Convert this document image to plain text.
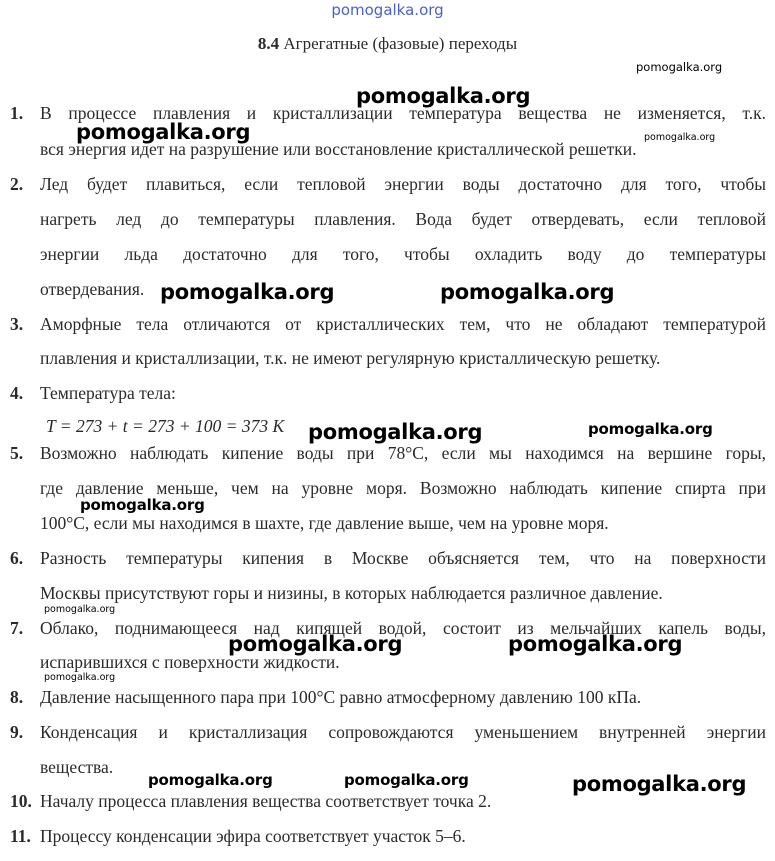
pomogalka.org
8.4 Агрегатные (фазовые) переходы
1. В процессе плавления и кристаллизации температура вещества не изменяется, т.к.
вся энергия идет на разрушение или восстановление кристаллической решетки.
2. Лед будет плавиться, если тепловой энергии воды достаточно для того, чтобы
нагреть лед до температуры плавления. Вода будет отвердевать, если тепловой
энергии льда достаточно для того, чтобы охладить воду до температуры
отвердевания.
3. Аморфные тела отличаются от кристаллических тем, что не обладают температурой
плавления и кристаллизации, т.к. не имеют регулярную кристаллическую решетку.
4. Температура тела:
T = 273 + t = 273 + 100 = 373 К
5. Возможно наблюдать кипение воды при 78°C, если мы находимся на вершине горы,
где давление меньше, чем на уровне моря. Возможно наблюдать кипение спирта при
100°C, если мы находимся в шахте, где давление выше, чем на уровне моря.
6. Разность температуры кипения в Москве объясняется тем, что на поверхности
Москвы присутствуют горы и низины, в которых наблюдается различное давление.
7. Облако, поднимающееся над кипящей водой, состоит из мельчайших капель воды,
испарившихся с поверхности жидкости.
8. Давление насыщенного пара при 100°C равно атмосферному давлению 100 кПа.
9. Конденсация и кристаллизация сопровождаются уменьшением внутренней энергии
вещества.
10. Началу процесса плавления вещества соответствует точка 2.
11. Процессу конденсации эфира соответствует участок 5–6.
pomogalka.org
pomogalka.org
pomogalka.org	pomogalka.org
pomogalka.org	pomogalka.org
pomogalka.org	pomogalka.org
pomogalka.org
pomogalka.org
pomogalka.org	pomogalka.org
pomogalka.org
pomogalka.org	pomogalka.org	pomogalka.org
